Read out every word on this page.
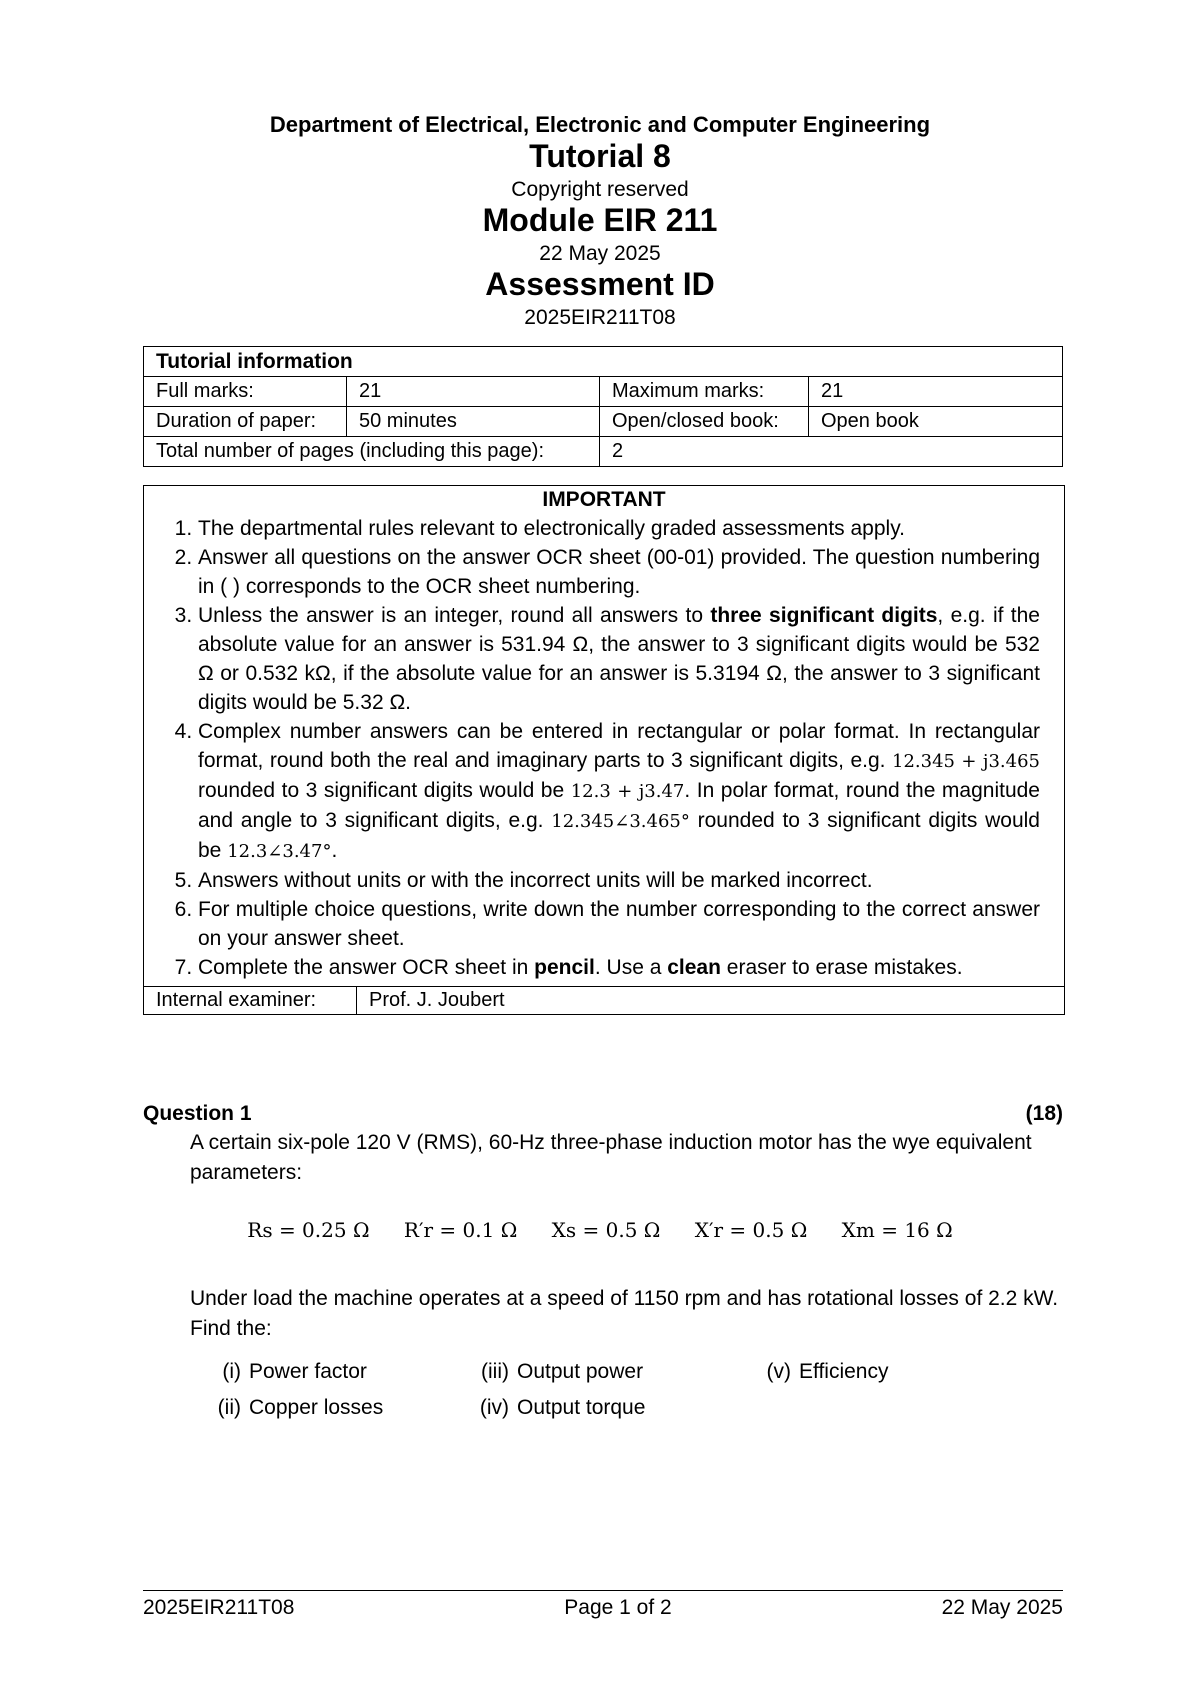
Department of Electrical, Electronic and Computer Engineering
Tutorial 8
Copyright reserved
Module EIR 211
22 May 2025
Assessment ID
2025EIR211T08
Tutorial information			
Full marks:	21	Maximum marks:	21
Duration of paper:	50 minutes	Open/closed book:	Open book
Total number of pages (including this page):		2	
IMPORTANT
1. The departmental rules relevant to electronically graded assessments apply.
2. Answer all questions on the answer OCR sheet (00-01) provided. The question numbering in ( ) corresponds to the OCR sheet numbering.
3. Unless the answer is an integer, round all answers to three significant digits, e.g. if the absolute value for an answer is 531.94 Ω, the answer to 3 significant digits would be 532 Ω or 0.532 kΩ, if the absolute value for an answer is 5.3194 Ω, the answer to 3 significant digits would be 5.32 Ω.
4. Complex number answers can be entered in rectangular or polar format. In rectangular format, round both the real and imaginary parts to 3 significant digits, e.g. 12.345 + j3.465 rounded to 3 significant digits would be 12.3 + j3.47. In polar format, round the magnitude and angle to 3 significant digits, e.g. 12.345∠3.465° rounded to 3 significant digits would be 12.3∠3.47°.
5. Answers without units or with the incorrect units will be marked incorrect.
6. For multiple choice questions, write down the number corresponding to the correct answer on your answer sheet.
7. Complete the answer OCR sheet in pencil. Use a clean eraser to erase mistakes.
Internal examiner:	Prof. J. Joubert
Question 1	(18)
A certain six-pole 120 V (RMS), 60-Hz three-phase induction motor has the wye equivalent parameters:
Rs = 0.25 Ω R′r = 0.1 Ω Xs = 0.5 Ω X′r = 0.5 Ω Xm = 16 Ω
Under load the machine operates at a speed of 1150 rpm and has rotational losses of 2.2 kW. Find the:
(i) Power factor
(ii) Copper losses
(iii) Output power
(iv) Output torque
(v) Efficiency
2025EIR211T08	Page 1 of 2	22 May 2025
